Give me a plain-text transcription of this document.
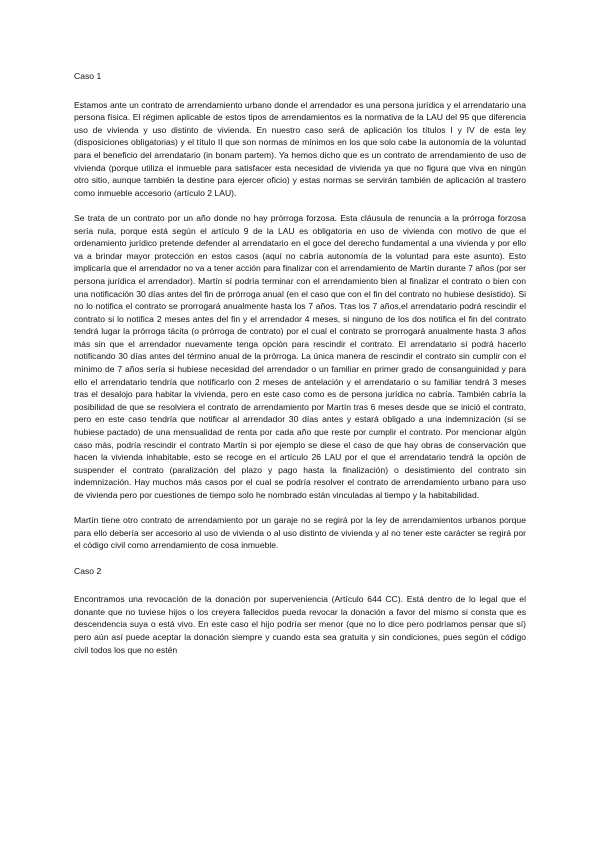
Caso 1

Estamos ante un contrato de arrendamiento urbano donde el arrendador es una persona jurídica y el arrendatario una persona física. El régimen aplicable de estos tipos de arrendamientos es la normativa de la LAU del 95 que diferencia uso de vivienda y uso distinto de vivienda. En nuestro caso será de aplicación los títulos I y IV de esta ley (disposiciones obligatorias) y el título II que son normas de mínimos en los que solo cabe la autonomía de la voluntad para el beneficio del arrendatario (in bonam partem). Ya hemos dicho que es un contrato de arrendamiento de uso de vivienda (porque utiliza el inmueble para satisfacer esta necesidad de vivienda ya que no figura que viva en ningún otro sitio, aunque también la destine para ejercer oficio) y estas normas se servirán también de aplicación al trastero como inmueble accesorio (artículo 2 LAU).

Se trata de un contrato por un año donde no hay prórroga forzosa. Esta cláusula de renuncia a la prórroga forzosa sería nula, porque está según el artículo 9 de la LAU es obligatoria en uso de vivienda con motivo de que el ordenamiento jurídico pretende defender al arrendatario en el goce del derecho fundamental a una vivienda y por ello va a brindar mayor protección en estos casos (aquí no cabría autonomía de la voluntad para este asunto). Esto implicaría que el arrendador no va a tener acción para finalizar con el arrendamiento de Martín durante 7 años (por ser persona jurídica el arrendador). Martín sí podría terminar con el arrendamiento bien al finalizar el contrato o bien con una notificación 30 días antes del fin de prórroga anual (en el caso que con el fin del contrato no hubiese desistido). Si no lo notifica el contrato se prorrogará anualmente hasta los 7 años. Tras los 7 años,el arrendatario podrá rescindir el contrato si lo notifica 2 meses antes del fin y el arrendador 4 meses, si ninguno de los dos notifica el fin del contrato tendrá lugar la prórroga tácita (o prórroga de contrato) por el cual el contrato se prorrogará anualmente hasta 3 años más sin que el arrendador nuevamente tenga opción para rescindir el contrato. El arrendatario sí podrá hacerlo notificando 30 días antes del término anual de la prórroga. La única manera de rescindir el contrato sin cumplir con el mínimo de 7 años sería si hubiese necesidad del arrendador o un familiar en primer grado de consanguinidad y para ello el arrendatario tendría que notificarlo con 2 meses de antelación y el arrendatario o su familiar tendrá 3 meses tras el desalojo para habitar la vivienda, pero en este caso como es de persona jurídica no cabría. También cabría la posibilidad de que se resolviera el contrato de arrendamiento por Martín tras 6 meses desde que se inició el contrato, pero en este caso tendría que notificar al arrendador 30 días antes y estará obligado a una indemnización (si se hubiese pactado) de una mensualidad de renta por cada año que reste por cumplir el contrato. Por mencionar algún caso más, podría rescindir el contrato Martín si por ejemplo se diese el caso de que hay obras de conservación que hacen la vivienda inhabitable, esto se recoge en el artículo 26 LAU por el que el arrendatario tendrá la opción de suspender el contrato (paralización del plazo y pago hasta la finalización) o desistimiento del contrato sin indemnización. Hay muchos más casos por el cual se podría resolver el contrato de arrendamiento urbano para uso de vivienda pero por cuestiones de tiempo solo he nombrado están vinculadas al tiempo y la habitabilidad.

Martín tiene otro contrato de arrendamiento por un garaje no se regirá por la ley de arrendamientos urbanos porque para ello debería ser accesorio al uso de vivienda o al uso distinto de vivienda y al no tener este carácter se regirá por el código civil como arrendamiento de cosa inmueble.

Caso 2

Encontramos una revocación de la donación por superveniencia (Artículo 644 CC). Está dentro de lo legal que el donante que no tuviese hijos o los creyera fallecidos pueda revocar la donación a favor del mismo si consta que es descendencia suya o está vivo. En este caso el hijo podría ser menor (que no lo dice pero podríamos pensar que sí) pero aún así puede aceptar la donación siempre y cuando esta sea gratuita y sin condiciones, pues según el código civil todos los que no estén
